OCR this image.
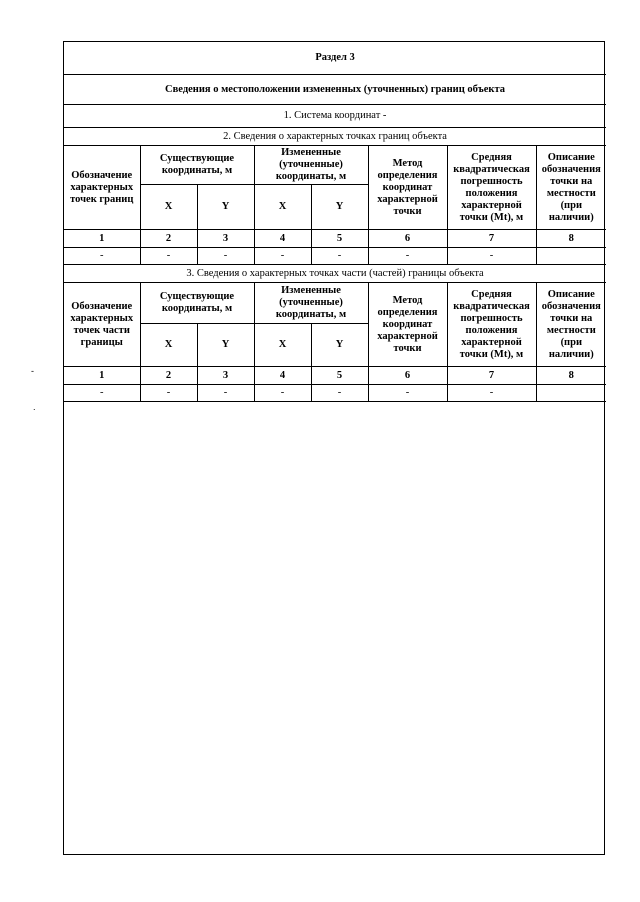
-
.
Раздел 3							
Сведения о местоположении измененных (уточненных) границ объекта							
1. Система координат -							
2. Сведения о характерных точках границ объекта							
Обозначение характерных точек границ	Существующие координаты, м		Измененные (уточненные) координаты, м		Метод определения координат характерной точки	Средняя квадратическая погрешность положения характерной точки (Mt), м	Описание обозначения точки на местности (при наличии)
	X	Y	X	Y			
1	2	3	4	5	6	7	8
-	-	-	-	-	-	-	
3. Сведения о характерных точках части (частей) границы объекта							
Обозначение характерных точек части границы	Существующие координаты, м		Измененные (уточненные) координаты, м		Метод определения координат характерной точки	Средняя квадратическая погрешность положения характерной точки (Mt), м	Описание обозначения точки на местности (при наличии)
	X	Y	X	Y			
1	2	3	4	5	6	7	8
-	-	-	-	-	-	-	
